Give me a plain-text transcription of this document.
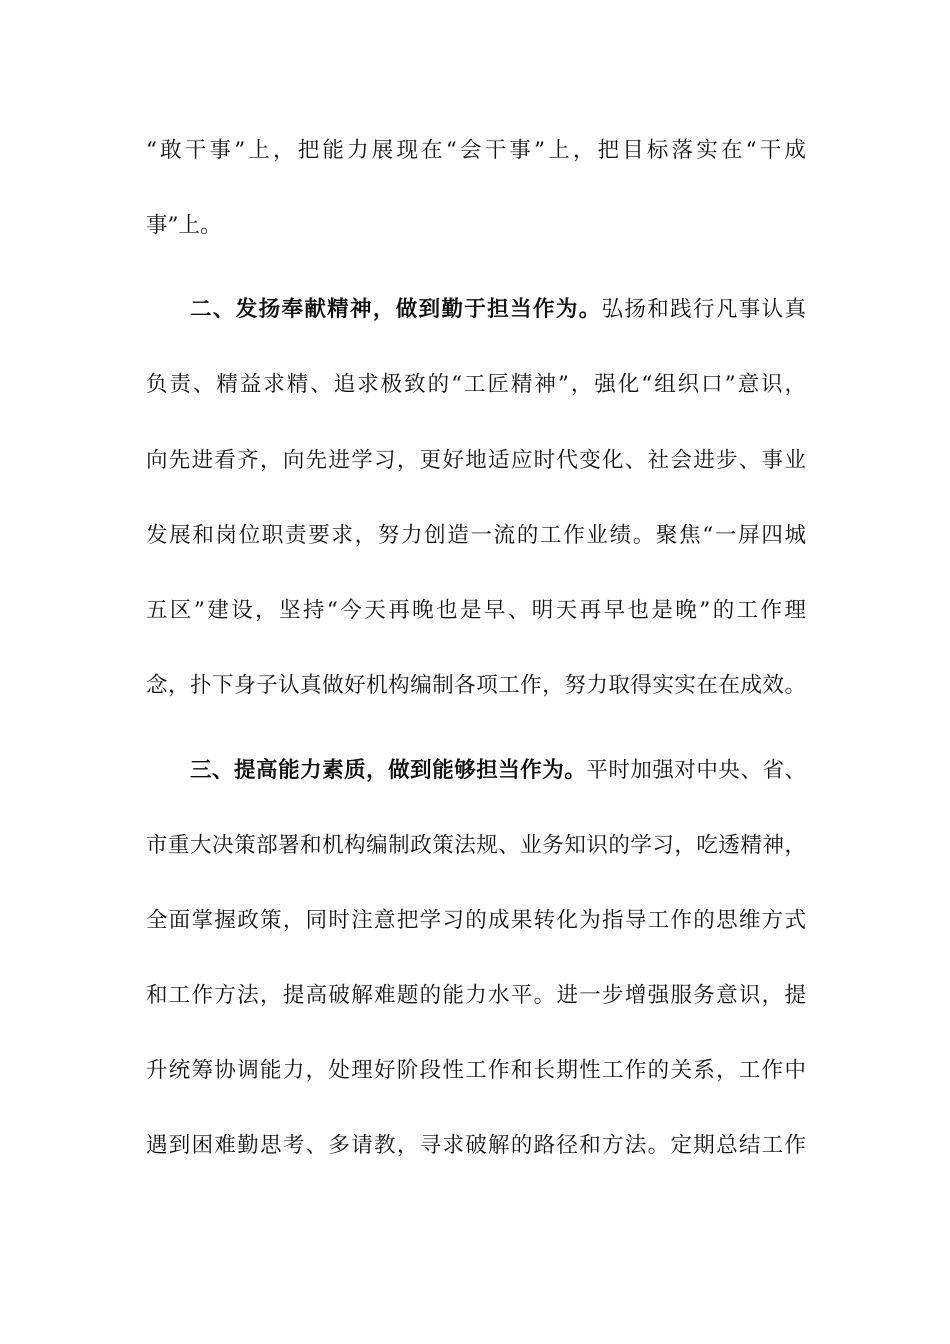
“敢干事”上，把能力展现在“会干事”上，把目标落实在“干成
事”上。
二、发扬奉献精神，做到勤于担当作为。弘扬和践行凡事认真
负责、精益求精、追求极致的“工匠精神”，强化“组织口”意识，
向先进看齐，向先进学习，更好地适应时代变化、社会进步、事业
发展和岗位职责要求，努力创造一流的工作业绩。聚焦“一屏四城
五区”建设，坚持“今天再晚也是早、明天再早也是晚”的工作理
念，扑下身子认真做好机构编制各项工作，努力取得实实在在成效。
三、提高能力素质，做到能够担当作为。平时加强对中央、省、
市重大决策部署和机构编制政策法规、业务知识的学习，吃透精神，
全面掌握政策，同时注意把学习的成果转化为指导工作的思维方式
和工作方法，提高破解难题的能力水平。进一步增强服务意识，提
升统筹协调能力，处理好阶段性工作和长期性工作的关系，工作中
遇到困难勤思考、多请教，寻求破解的路径和方法。定期总结工作
